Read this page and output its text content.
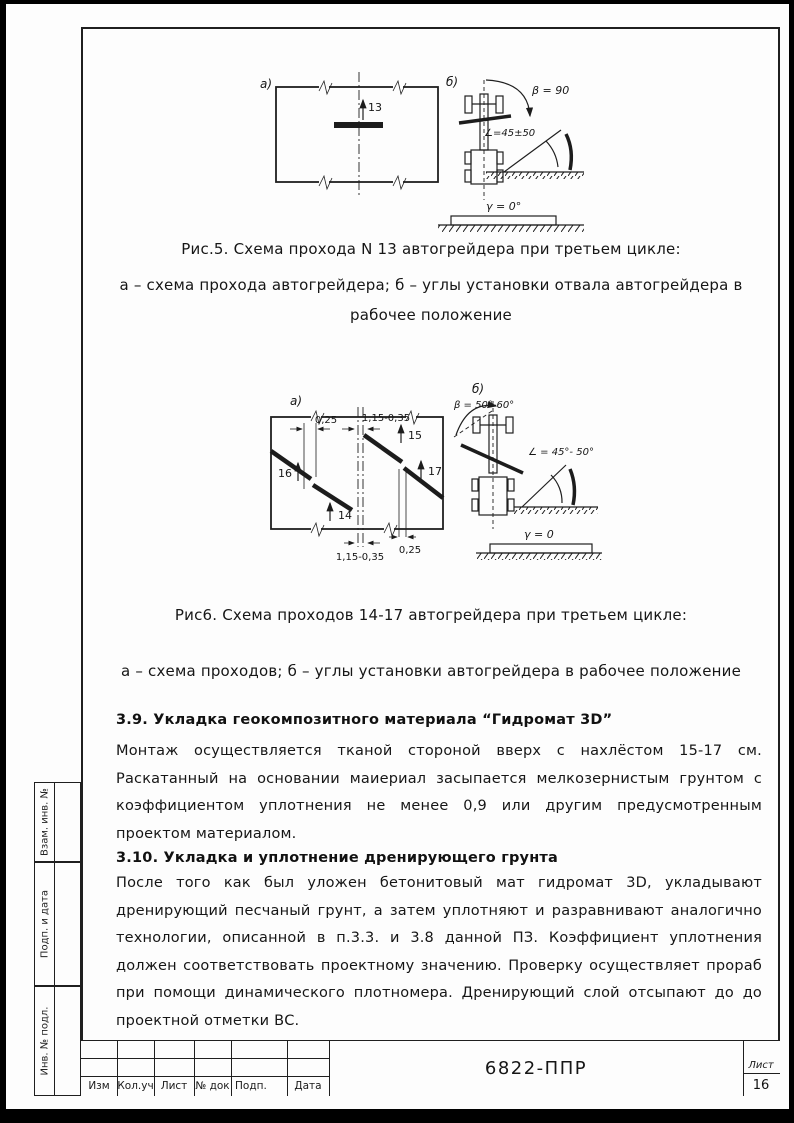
а)
13
б)
β = 90
∠=45±50
γ = 0°
Рис.5. Схема прохода N 13 автогрейдера при третьем цикле:
а – схема прохода автогрейдера; б – углы установки отвала автогрейдера в рабочее положение
а)
0,25 1,15-0,35
16
14
15
17
1,15-0,35
0,25
б)
β = 50°-60°
∠ = 45°- 50°
γ = 0
Рис6. Схема проходов 14-17 автогрейдера при третьем цикле:
а – схема проходов; б – углы установки автогрейдера в рабочее положение
3.9. Укладка геокомпозитного материала “Гидромат 3D”
Монтаж осуществляется тканой стороной вверх с нахлёстом 15-17 см. Раскатанный на основании маиериал засыпается мелкозернистым грунтом с коэффициентом уплотнения не менее 0,9 или другим предусмотренным проектом материалом.
3.10. Укладка и уплотнение дренирующего грунта
После того как был уложен бетонитовый мат гидромат 3D, укладывают дренирующий песчаный грунт, а затем уплотняют и разравнивают аналогично технологии, описанной в п.3.3. и 3.8 данной ПЗ. Коэффициент уплотнения должен соответствовать проектному значению. Проверку осуществляет прораб при помощи динамического плотномера. Дренирующий слой отсыпают до до проектной отметки ВС.
Взам. инв. №
Подп. и дата
Инв. № подл.
Изм Кол.уч Лист № док Подп.	Дата
6822-ППР	Лист
16
